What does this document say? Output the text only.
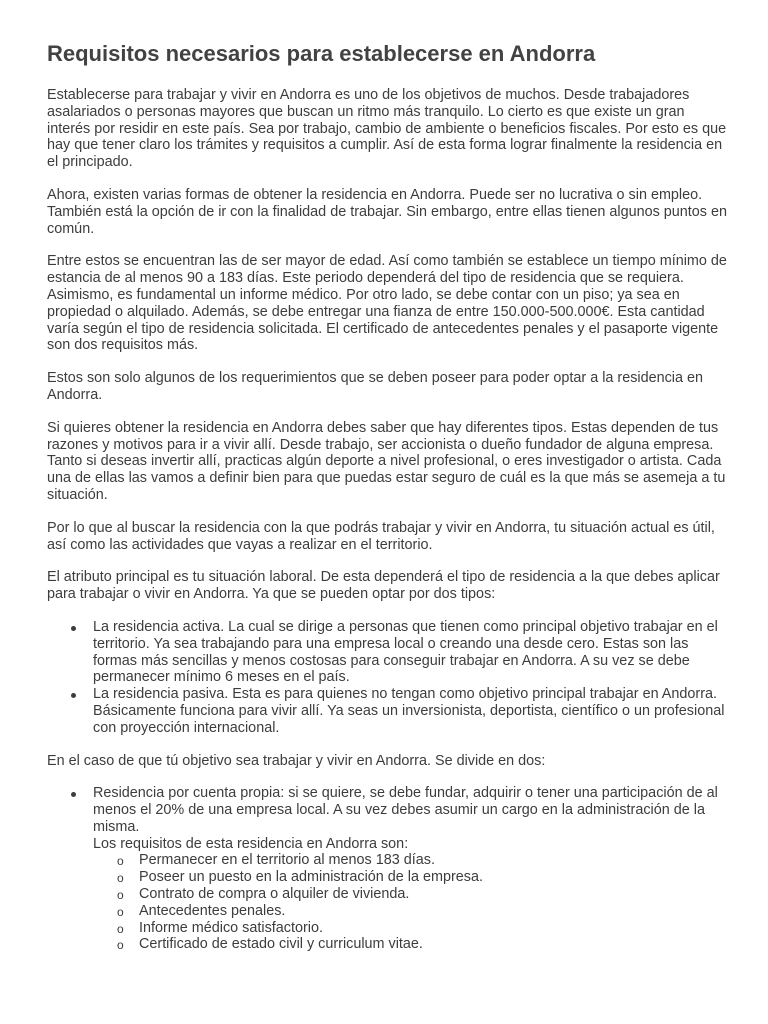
Requisitos necesarios para establecerse en Andorra

Establecerse para trabajar y vivir en Andorra es uno de los objetivos de muchos. Desde trabajadores asalariados o personas mayores que buscan un ritmo más tranquilo. Lo cierto es que existe un gran interés por residir en este país. Sea por trabajo, cambio de ambiente o beneficios fiscales. Por esto es que hay que tener claro los trámites y requisitos a cumplir. Así de esta forma lograr finalmente la residencia en el principado.

Ahora, existen varias formas de obtener la residencia en Andorra. Puede ser no lucrativa o sin empleo. También está la opción de ir con la finalidad de trabajar. Sin embargo, entre ellas tienen algunos puntos en común.

Entre estos se encuentran las de ser mayor de edad. Así como también se establece un tiempo mínimo de estancia de al menos 90 a 183 días. Este periodo dependerá del tipo de residencia que se requiera. Asimismo, es fundamental un informe médico. Por otro lado, se debe contar con un piso; ya sea en propiedad o alquilado. Además, se debe entregar una fianza de entre 150.000-500.000€. Esta cantidad varía según el tipo de residencia solicitada. El certificado de antecedentes penales y el pasaporte vigente son dos requisitos más.

Estos son solo algunos de los requerimientos que se deben poseer para poder optar a la residencia en Andorra.

Si quieres obtener la residencia en Andorra debes saber que hay diferentes tipos. Estas dependen de tus razones y motivos para ir a vivir allí. Desde trabajo, ser accionista o dueño fundador de alguna empresa. Tanto si deseas invertir allí, practicas algún deporte a nivel profesional, o eres investigador o artista. Cada una de ellas las vamos a definir bien para que puedas estar seguro de cuál es la que más se asemeja a tu situación.

Por lo que al buscar la residencia con la que podrás trabajar y vivir en Andorra, tu situación actual es útil, así como las actividades que vayas a realizar en el territorio.

El atributo principal es tu situación laboral. De esta dependerá el tipo de residencia a la que debes aplicar para trabajar o vivir en Andorra. Ya que se pueden optar por dos tipos:

La residencia activa. La cual se dirige a personas que tienen como principal objetivo trabajar en el territorio. Ya sea trabajando para una empresa local o creando una desde cero. Estas son las formas más sencillas y menos costosas para conseguir trabajar en Andorra. A su vez se debe permanecer mínimo 6 meses en el país.
La residencia pasiva. Esta es para quienes no tengan como objetivo principal trabajar en Andorra. Básicamente funciona para vivir allí. Ya seas un inversionista, deportista, científico o un profesional con proyección internacional.

En el caso de que tú objetivo sea trabajar y vivir en Andorra. Se divide en dos:

Residencia por cuenta propia: si se quiere, se debe fundar, adquirir o tener una participación de al menos el 20% de una empresa local. A su vez debes asumir un cargo en la administración de la misma.
Los requisitos de esta residencia en Andorra son:
o Permanecer en el territorio al menos 183 días.
o Poseer un puesto en la administración de la empresa.
o Contrato de compra o alquiler de vivienda.
o Antecedentes penales.
o Informe médico satisfactorio.
o Certificado de estado civil y curriculum vitae.
